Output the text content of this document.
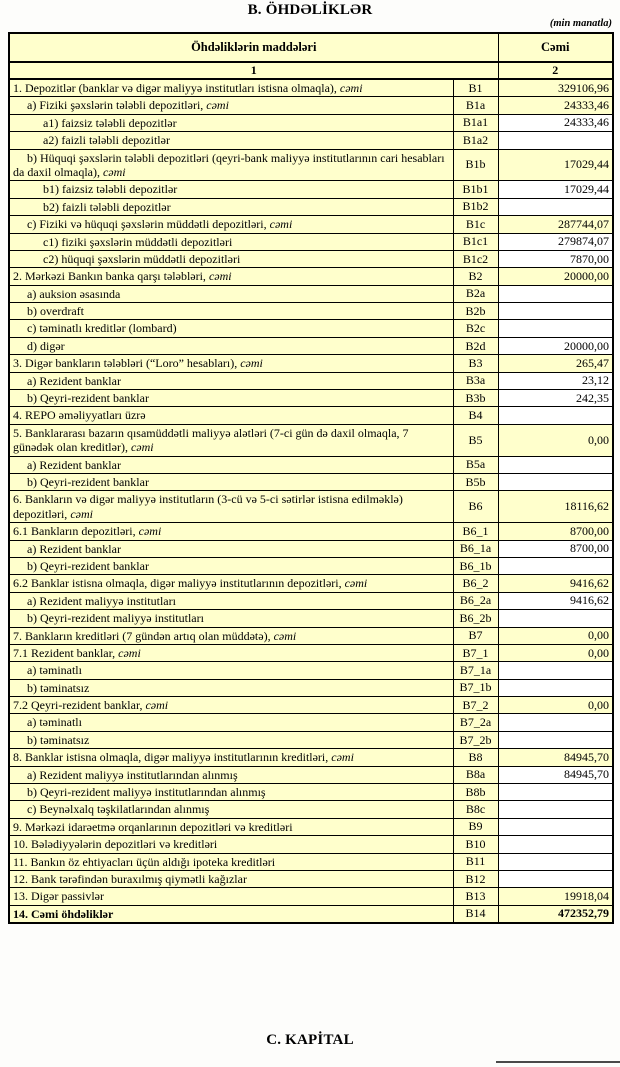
B. ÖHDƏLİKLƏR
(min manatla)
Öhdəliklərin maddələri		Cəmi
1		2
1. Depozitlər (banklar və digər maliyyə institutları istisna olmaqla), cəmi	B1	329106,96
a) Fiziki şəxslərin tələbli depozitləri, cəmi	B1a	24333,46
a1) faizsiz tələbli depozitlər	B1a1	24333,46
a2) faizli tələbli depozitlər	B1a2	
b) Hüquqi şəxslərin tələbli depozitləri (qeyri-bank maliyyə institutlarının cari hesabları da daxil olmaqla), cəmi	B1b	17029,44
b1) faizsiz tələbli depozitlər	B1b1	17029,44
b2) faizli tələbli depozitlər	B1b2	
c) Fiziki və hüquqi şəxslərin müddətli depozitləri, cəmi	B1c	287744,07
c1) fiziki şəxslərin müddətli depozitləri	B1c1	279874,07
c2) hüquqi şəxslərin müddətli depozitləri	B1c2	7870,00
2. Mərkəzi Bankın banka qarşı tələbləri, cəmi	B2	20000,00
a) auksion əsasında	B2a	
b) overdraft	B2b	
c) təminatlı kreditlər (lombard)	B2c	
d) digər	B2d	20000,00
3. Digər bankların tələbləri (“Loro” hesabları), cəmi	B3	265,47
a) Rezident banklar	B3a	23,12
b) Qeyri-rezident banklar	B3b	242,35
4. REPO əməliyyatları üzrə	B4	
5. Banklararası bazarın qısamüddətli maliyyə alətləri (7-ci gün də daxil olmaqla, 7 günədək olan kreditlər), cəmi	B5	0,00
a) Rezident banklar	B5a	
b) Qeyri-rezident banklar	B5b	
6. Bankların və digər maliyyə institutların (3-cü və 5-ci sətirlər istisna edilməklə) depozitləri, cəmi	B6	18116,62
6.1 Bankların depozitləri, cəmi	B6_1	8700,00
a) Rezident banklar	B6_1a	8700,00
b) Qeyri-rezident banklar	B6_1b	
6.2 Banklar istisna olmaqla, digər maliyyə institutlarının depozitləri, cəmi	B6_2	9416,62
a) Rezident maliyyə institutları	B6_2a	9416,62
b) Qeyri-rezident maliyyə institutları	B6_2b	
7. Bankların kreditləri (7 gündən artıq olan müddətə), cəmi	B7	0,00
7.1 Rezident banklar, cəmi	B7_1	0,00
a) təminatlı	B7_1a	
b) təminatsız	B7_1b	
7.2 Qeyri-rezident banklar, cəmi	B7_2	0,00
a) təminatlı	B7_2a	
b) təminatsız	B7_2b	
8. Banklar istisna olmaqla, digər maliyyə institutlarının kreditləri, cəmi	B8	84945,70
a) Rezident maliyyə institutlarından alınmış	B8a	84945,70
b) Qeyri-rezident maliyyə institutlarından alınmış	B8b	
c) Beynəlxalq təşkilatlarından alınmış	B8c	
9. Mərkəzi idarəetmə orqanlarının depozitləri və kreditləri	B9	
10. Bələdiyyələrin depozitləri və kreditləri	B10	
11. Bankın öz ehtiyacları üçün aldığı ipoteka kreditləri	B11	
12. Bank tərəfindən buraxılmış qiymətli kağızlar	B12	
13. Digər passivlər	B13	19918,04
14. Cəmi öhdəliklər	B14	472352,79
C. KAPİTAL
